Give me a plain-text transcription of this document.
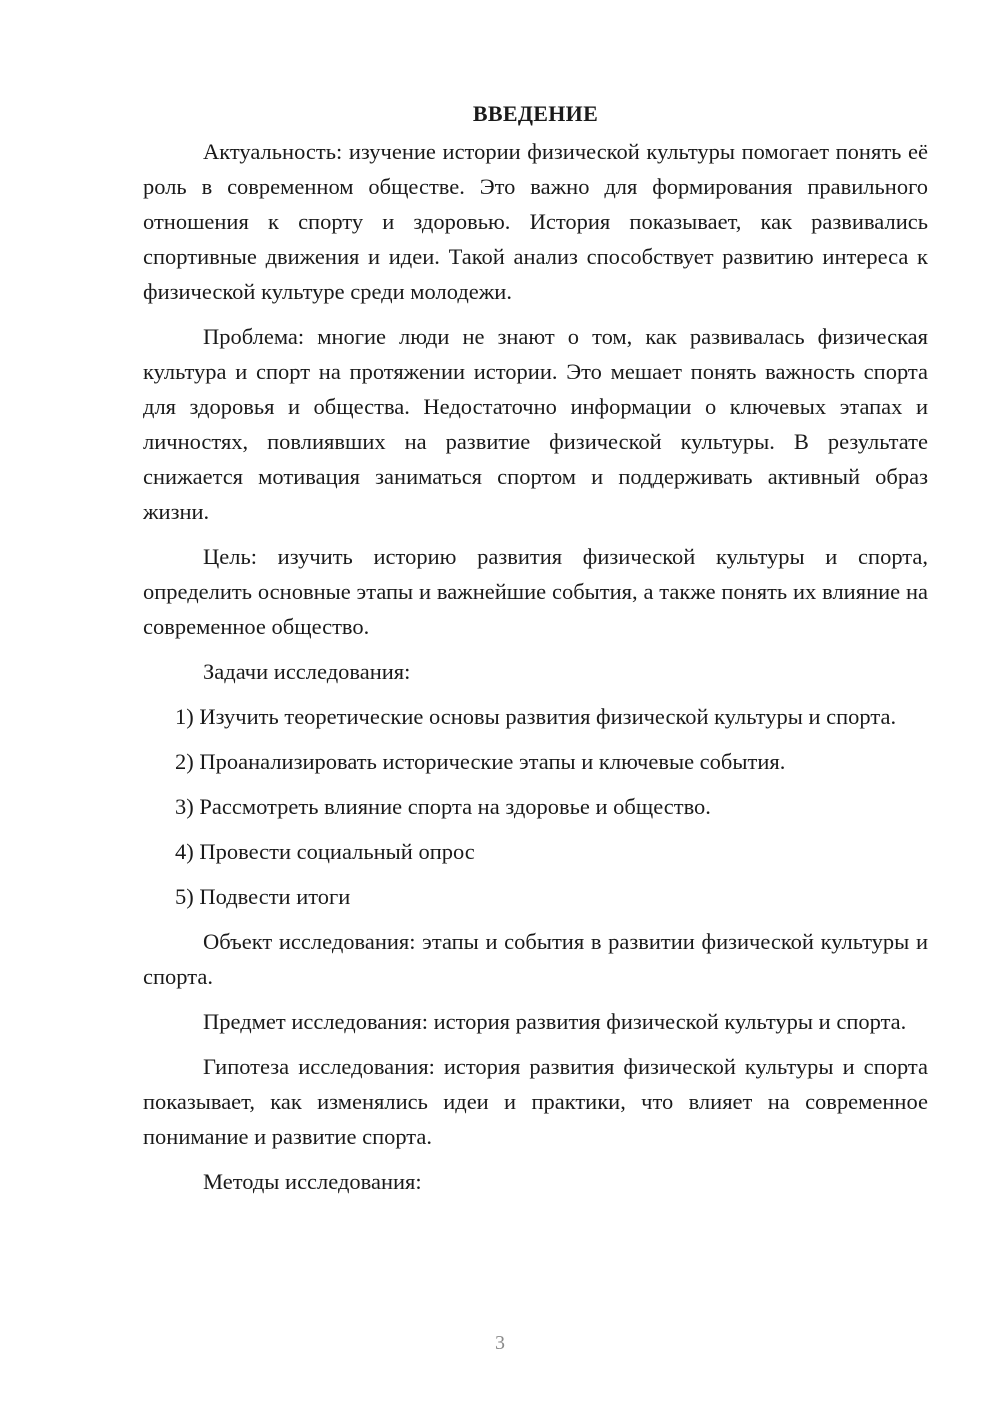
ВВЕДЕНИЕ

Актуальность: изучение истории физической культуры помогает понять её роль в современном обществе. Это важно для формирования правильного отношения к спорту и здоровью. История показывает, как развивались спортивные движения и идеи. Такой анализ способствует развитию интереса к физической культуре среди молодежи.

Проблема: многие люди не знают о том, как развивалась физическая культура и спорт на протяжении истории. Это мешает понять важность спорта для здоровья и общества. Недостаточно информации о ключевых этапах и личностях, повлиявших на развитие физической культуры. В результате снижается мотивация заниматься спортом и поддерживать активный образ жизни.

Цель: изучить историю развития физической культуры и спорта, определить основные этапы и важнейшие события, а также понять их влияние на современное общество.

Задачи исследования:

1) Изучить теоретические основы развития физической культуры и спорта.
2) Проанализировать исторические этапы и ключевые события.
3) Рассмотреть влияние спорта на здоровье и общество.
4) Провести социальный опрос
5) Подвести итоги

Объект исследования: этапы и события в развитии физической культуры и спорта.

Предмет исследования: история развития физической культуры и спорта.

Гипотеза исследования: история развития физической культуры и спорта показывает, как изменялись идеи и практики, что влияет на современное понимание и развитие спорта.

Методы исследования:

3
